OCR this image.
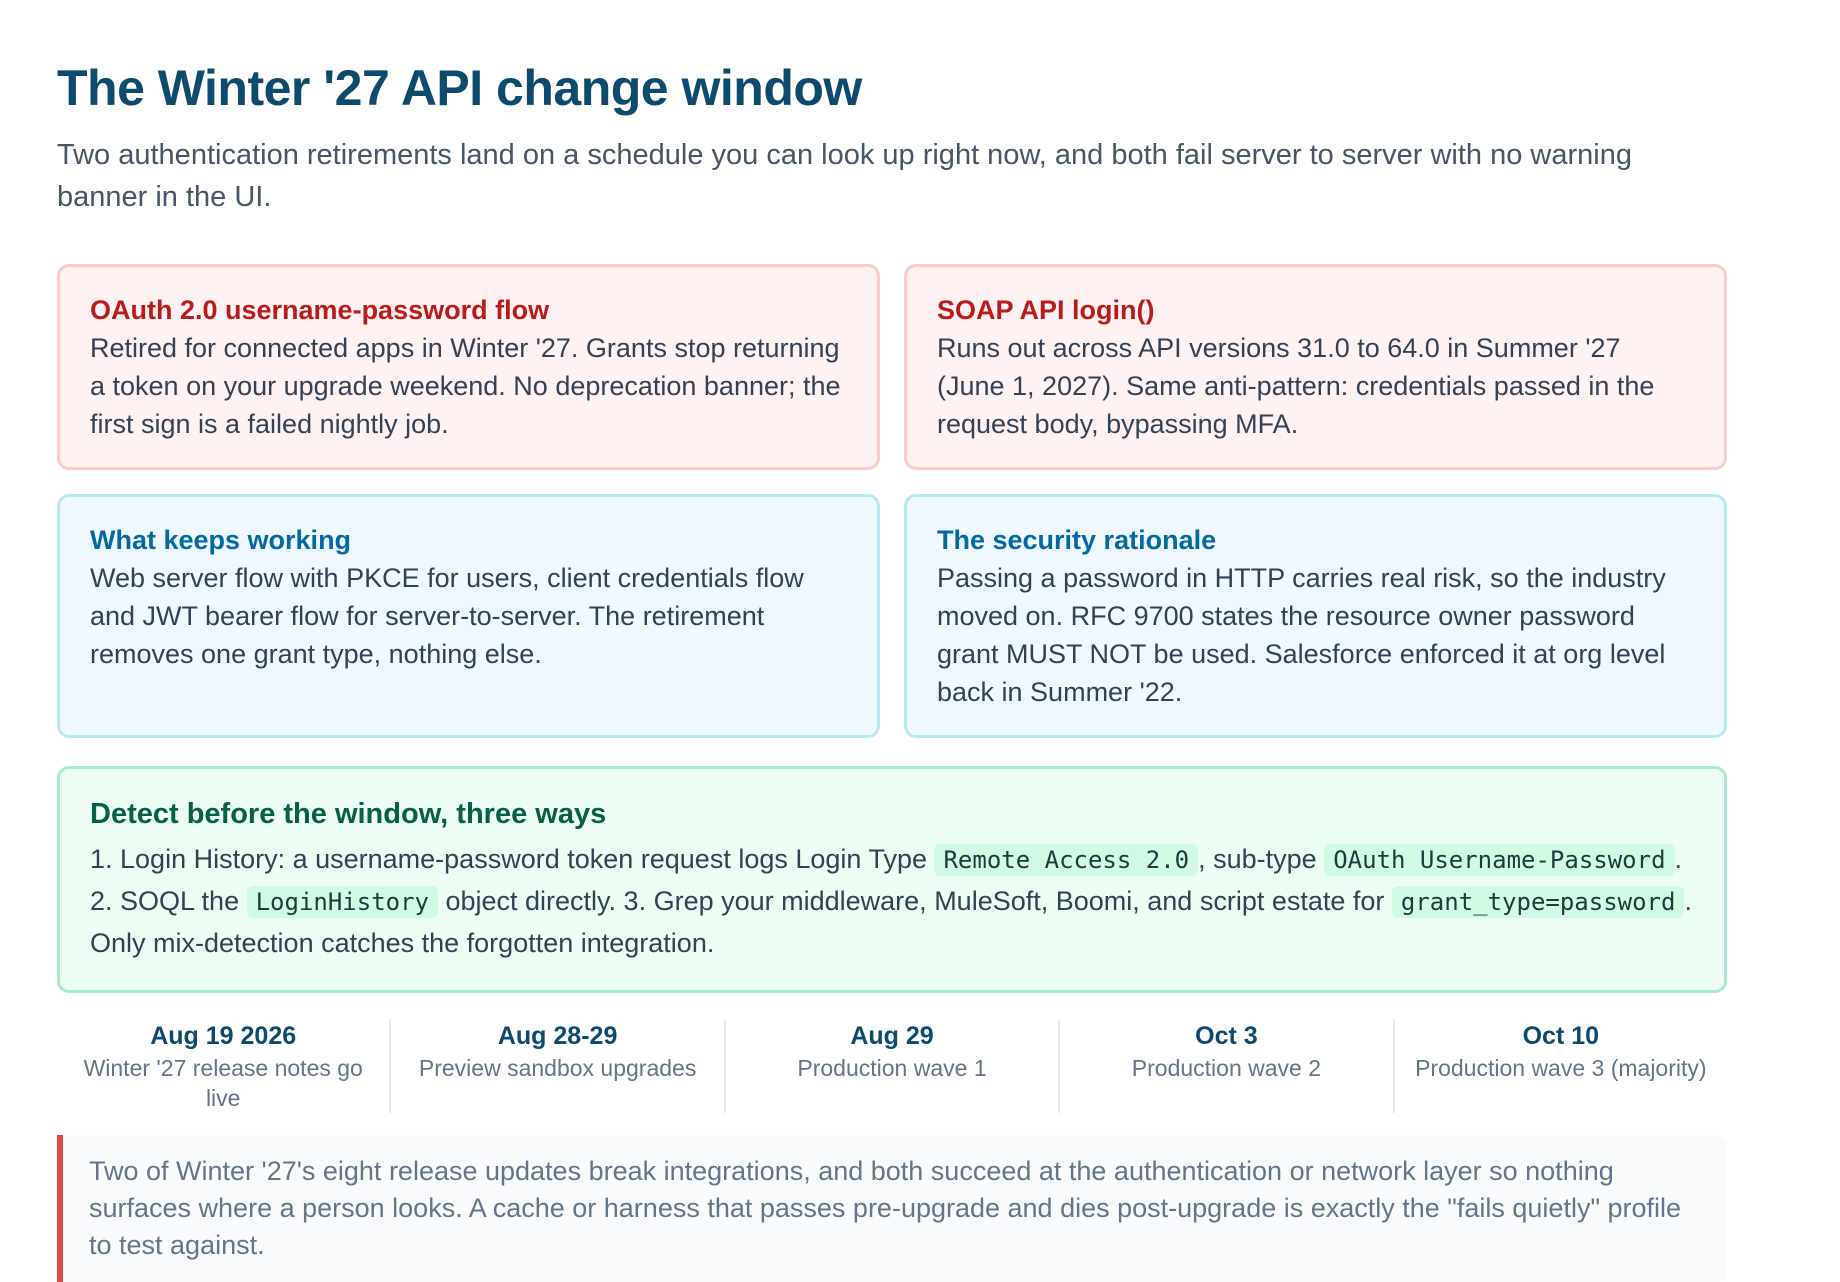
The Winter '27 API change window

Two authentication retirements land on a schedule you can look up right now, and both fail server to server with no warning banner in the UI.

OAuth 2.0 username-password flow

Retired for connected apps in Winter '27. Grants stop returning a token on your upgrade weekend. No deprecation banner; the first sign is a failed nightly job.

SOAP API login()

Runs out across API versions 31.0 to 64.0 in Summer '27 (June 1, 2027). Same anti-pattern: credentials passed in the request body, bypassing MFA.

What keeps working

Web server flow with PKCE for users, client credentials flow and JWT bearer flow for server-to-server. The retirement removes one grant type, nothing else.

The security rationale

Passing a password in HTTP carries real risk, so the industry moved on. RFC 9700 states the resource owner password grant MUST NOT be used. Salesforce enforced it at org level back in Summer '22.

Detect before the window, three ways

1. Login History: a username-password token request logs Login Type Remote Access 2.0 , sub-type OAuth Username-Password . 2. SOQL the LoginHistory object directly. 3. Grep your middleware, MuleSoft, Boomi, and script estate for grant_type=password . Only mix-detection catches the forgotten integration.

Aug 19 2026
Winter '27 release notes go live
Aug 28-29
Preview sandbox upgrades
Aug 29
Production wave 1
Oct 3
Production wave 2
Oct 10
Production wave 3 (majority)

Two of Winter '27's eight release updates break integrations, and both succeed at the authentication or network layer so nothing surfaces where a person looks. A cache or harness that passes pre-upgrade and dies post-upgrade is exactly the "fails quietly" profile to test against.
